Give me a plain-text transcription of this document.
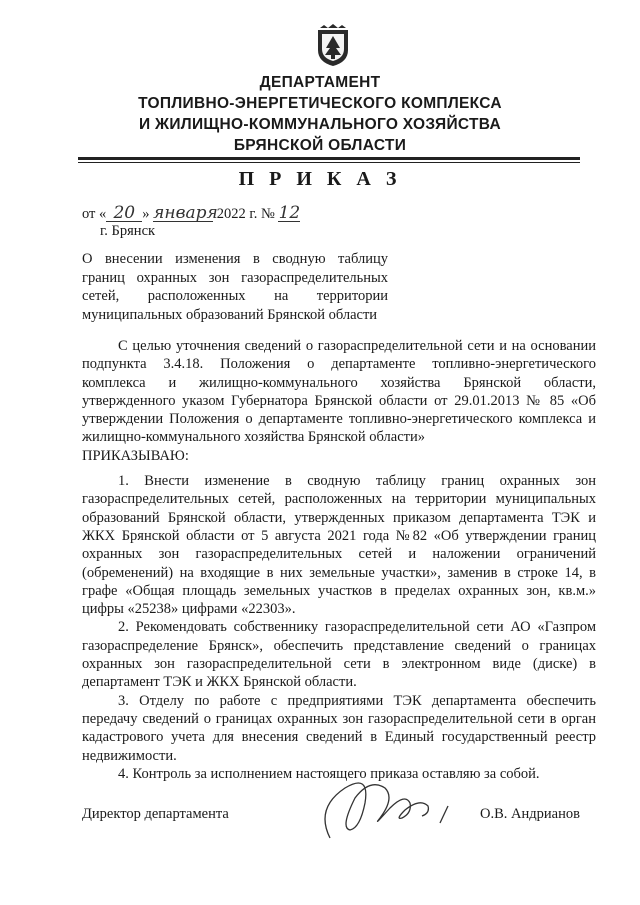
ДЕПАРТАМЕНТ
ТОПЛИВНО-ЭНЕРГЕТИЧЕСКОГО КОМПЛЕКСА
И ЖИЛИЩНО-КОММУНАЛЬНОГО ХОЗЯЙСТВА
БРЯНСКОЙ ОБЛАСТИ
П Р И К А З
от « 20 » января 2022 г. № 12
г. Брянск
О внесении изменения в сводную таблицу
границ охранных зон газораспределительных
сетей, расположенных на территории
муниципальных образований Брянской области

С целью уточнения сведений о газораспределительной сети и на основании подпункта 3.4.18. Положения о департаменте топливно-энергетического комплекса и жилищно-коммунального хозяйства Брянской области, утвержденного указом Губернатора Брянской области от 29.01.2013 № 85 «Об утверждении Положения о департаменте топливно-энергетического комплекса и жилищно-коммунального хозяйства Брянской области»

ПРИКАЗЫВАЮ:

1. Внести изменение в сводную таблицу границ охранных зон газораспределительных сетей, расположенных на территории муниципальных образований Брянской области, утвержденных приказом департамента ТЭК и ЖКХ Брянской области от 5 августа 2021 года №82 «Об утверждении границ охранных зон газораспределительных сетей и наложении ограничений (обременений) на входящие в них земельные участки», заменив в строке 14, в графе «Общая площадь земельных участков в пределах охранных зон, кв.м.» цифры «25238» цифрами «22303».

2. Рекомендовать собственнику газораспределительной сети АО «Газпром газораспределение Брянск», обеспечить представление сведений о границах охранных зон газораспределительной сети в электронном виде (диске) в департамент ТЭК и ЖКХ Брянской области.

3. Отделу по работе с предприятиями ТЭК департамента обеспечить передачу сведений о границах охранных зон газораспределительной сети в орган кадастрового учета для внесения сведений в Единый государственный реестр недвижимости.

4. Контроль за исполнением настоящего приказа оставляю за собой.

Директор департамента	О.В. Андрианов
